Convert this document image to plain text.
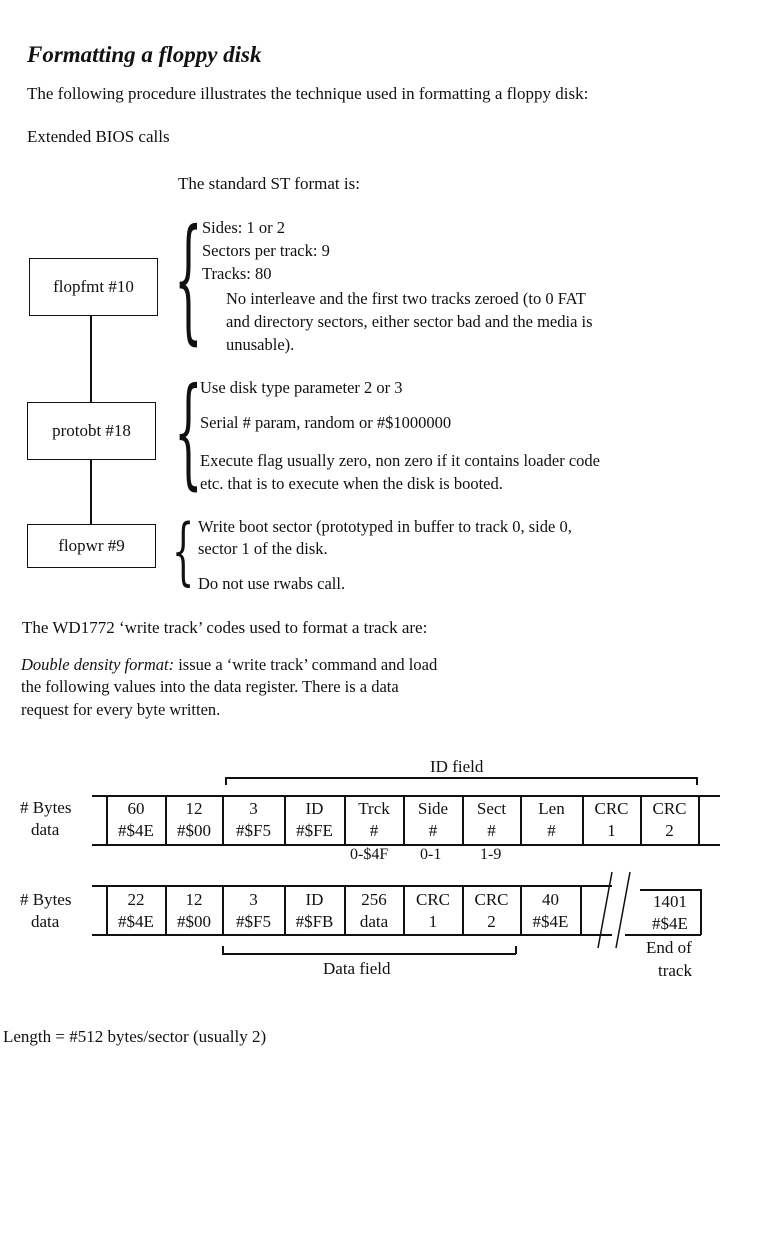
Formatting a floppy disk
The following procedure illustrates the technique used in formatting a floppy disk:
Extended BIOS calls
The standard ST format is:
flopfmt #10
protobt #18
flopwr #9
{
{
{
Sides: 1 or 2
Sectors per track: 9
Tracks: 80
No interleave and the first two tracks zeroed (to 0 FAT
and directory sectors, either sector bad and the media is
unusable).
Use disk type parameter 2 or 3
Serial # param, random or #$1000000
Execute flag usually zero, non zero if it contains loader code
etc. that is to execute when the disk is booted.
Write boot sector (prototyped in buffer to track 0, side 0,
sector 1 of the disk.
Do not use rwabs call.
The WD1772 ‘write track’ codes used to format a track are:
Double density format: issue a ‘write track’ command and load
the following values into the data register. There is a data
request for every byte written.
ID field
# Bytes
data
60
#$4E
12
#$00
3
#$F5
ID
#$FE
Trck
#
Side
#
Sect
#
Len
#
CRC
1
CRC
2
0-$4F 0-1 1-9
# Bytes
data
22
#$4E
12
#$00
3
#$F5
ID
#$FB
256
data
CRC
1
CRC
2
40
#$4E
1401
#$4E
End of
track
Data field
Length = #512 bytes/sector (usually 2)
